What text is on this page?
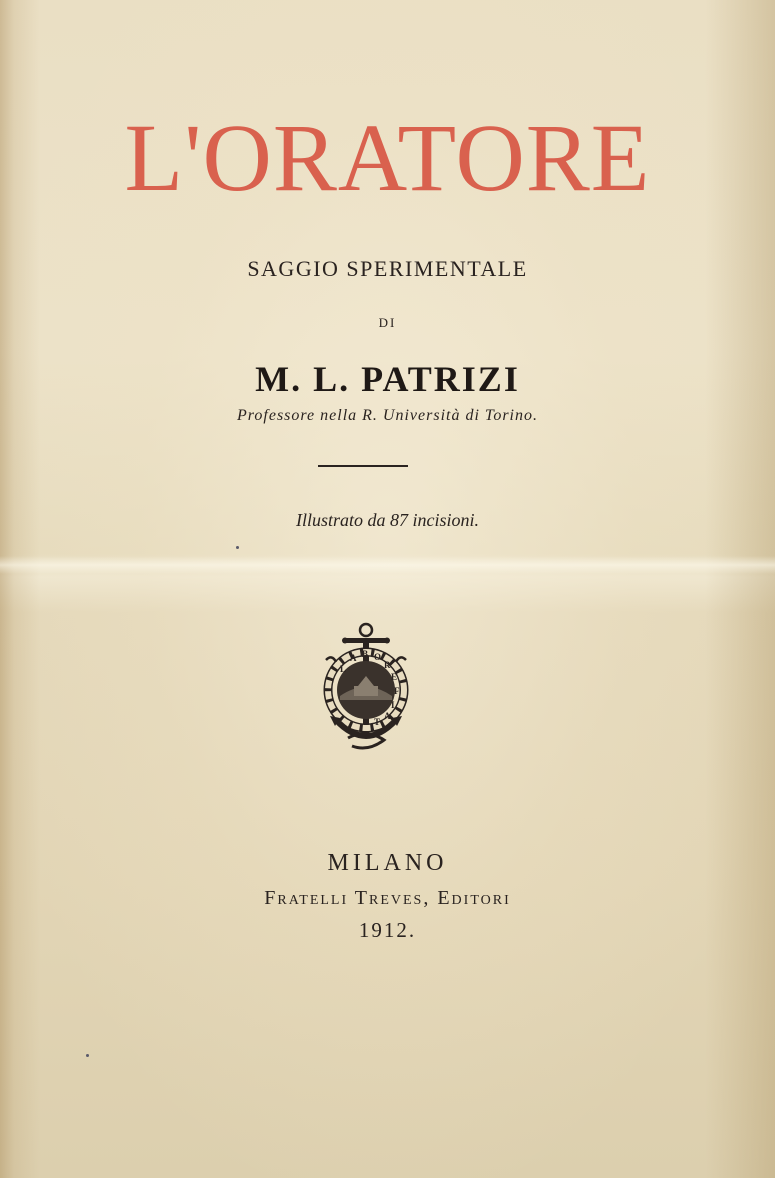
L'ORATORE
SAGGIO SPERIMENTALE
DI
M. L. PATRIZI
Professore nella R. Università di Torino.
Illustrato da 87 incisioni.
L
A B O
R
E
F
I
A
T
MILANO
Fratelli Treves, Editori
1912.
